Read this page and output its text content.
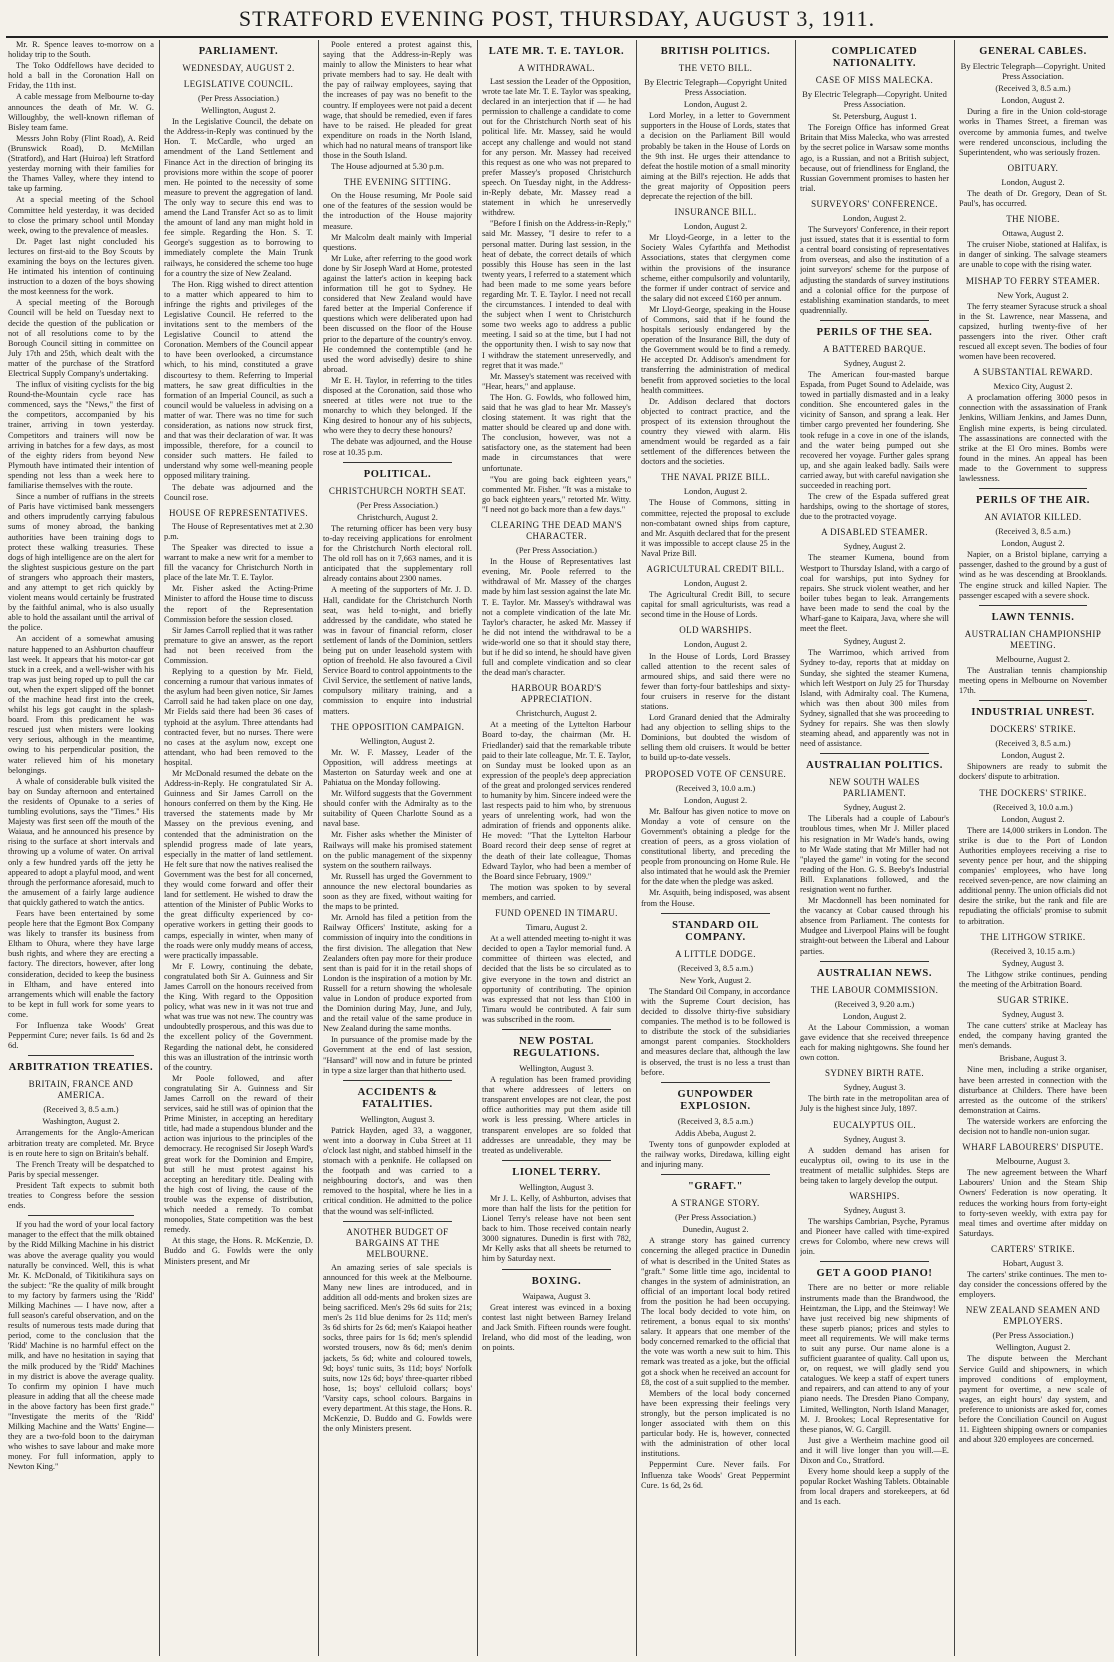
STRATFORD EVENING POST, THURSDAY, AUGUST 3, 1911.

Mr. R. Spence leaves to-morrow on a holiday trip to the South.

The Toko Oddfellows have decided to hold a ball in the Coronation Hall on Friday, the 11th inst.

A cable message from Melbourne to-day announces the death of Mr. W. G. Willoughby, the well-known rifleman of Bisley team fame.

Messrs John Roby (Flint Road), A. Reid (Brunswick Road), D. McMillan (Stratford), and Hart (Huiroa) left Stratford yesterday morning with their families for the Thames Valley, where they intend to take up farming.

At a special meeting of the School Committee held yesterday, it was decided to close the primary school until Monday week, owing to the prevalence of measles.

Dr. Paget last night concluded his lectures on first-aid to the Boy Scouts by examining the boys on the lectures given. He intimated his intention of continuing instruction to a dozen of the boys showing the most keenness for the work.

A special meeting of the Borough Council will be held on Tuesday next to decide the question of the publication or not of all resolutions come to by the Borough Council sitting in committee on July 17th and 25th, which dealt with the matter of the purchase of the Stratford Electrical Supply Company's undertaking.

The influx of visiting cyclists for the big Round-the-Mountain cycle race has commenced, says the "News," the first of the competitors, accompanied by his trainer, arriving in town yesterday. Competitors and trainers will now be arriving in batches for a few days, as most of the eighty riders from beyond New Plymouth have intimated their intention of spending not less than a week here to familiarise themselves with the route.

Since a number of ruffians in the streets of Paris have victimised bank messengers and others imprudently carrying fabulous sums of money abroad, the banking authorities have been training dogs to protect these walking treasuries. These dogs of high intelligence are on the alert for the slightest suspicious gesture on the part of strangers who approach their masters, and any attempt to get rich quickly by violent means would certainly be frustrated by the faithful animal, who is also usually able to hold the assailant until the arrival of the police.

An accident of a somewhat amusing nature happened to an Ashburton chauffeur last week. It appears that his motor-car got stuck in a creek, and a well-wisher with his trap was just being roped up to pull the car out, when the expert slipped off the bonnet of the machine head first into the creek, whilst his legs got caught in the splash-board. From this predicament he was rescued just when misters were looking very serious, although in the meantime, owing to his perpendicular position, the water relieved him of his monetary belongings.

A whale of considerable bulk visited the bay on Sunday afternoon and entertained the residents of Opunake to a series of tumbling evolutions, says the "Times." His Majesty was first seen off the mouth of the Waiaua, and he announced his presence by rising to the surface at short intervals and throwing up a volume of water. On arrival only a few hundred yards off the jetty he appeared to adopt a playful mood, and went through the performance aforesaid, much to the amusement of a fairly large audience that quickly gathered to watch the antics.

Fears have been entertained by some people here that the Egmont Box Company was likely to transfer its business from Eltham to Ohura, where they have large bush rights, and where they are erecting a factory. The directors, however, after long consideration, decided to keep the business in Eltham, and have entered into arrangements which will enable the factory to be kept in full work for some years to come.

For Influenza take Woods' Great Peppermint Cure; never fails. 1s 6d and 2s 6d.

ARBITRATION TREATIES.
BRITAIN, FRANCE AND AMERICA.
(Received 3, 8.5 a.m.)
Washington, August 2.

Arrangements for the Anglo-American arbitration treaty are completed. Mr. Bryce is en route here to sign on Britain's behalf.

The French Treaty will be despatched to Paris by special messenger.

President Taft expects to submit both treaties to Congress before the session ends.

If you had the word of your local factory manager to the effect that the milk obtained by the Ridd Milking Machine in his district was above the average quality you would naturally be convinced. Well, this is what Mr. K. McDonald, of Tikitikihura says on the subject: "Re the quality of milk brought to my factory by farmers using the 'Ridd' Milking Machines — I have now, after a full season's careful observation, and on the results of numerous tests made during that period, come to the conclusion that the 'Ridd' Machine is no harmful effect on the milk, and have no hesitation in saying that the milk produced by the 'Ridd' Machines in my district is above the average quality. To confirm my opinion I have much pleasure in adding that all the cheese made in the above factory has been first grade." "Investigate the merits of the 'Ridd' Milking Machine and the Watts' Engine—they are a two-fold boon to the dairyman who wishes to save labour and make more money. For full information, apply to Newton King."

PARLIAMENT.
WEDNESDAY, AUGUST 2.
LEGISLATIVE COUNCIL.
(Per Press Association.)
Wellington, August 2.

In the Legislative Council, the debate on the Address-in-Reply was continued by the Hon. T. McCardle, who urged an amendment of the Land Settlement and Finance Act in the direction of bringing its provisions more within the scope of poorer men. He pointed to the necessity of some measure to prevent the aggregation of land. The only way to secure this end was to amend the Land Transfer Act so as to limit the amount of land any man might hold in fee simple. Regarding the Hon. S. T. George's suggestion as to borrowing to immediately complete the Main Trunk railways, he considered the scheme too huge for a country the size of New Zealand.

The Hon. Rigg wished to direct attention to a matter which appeared to him to infringe the rights and privileges of the Legislative Council. He referred to the invitations sent to the members of the Legislative Council to attend the Coronation. Members of the Council appear to have been overlooked, a circumstance which, to his mind, constituted a grave discourtesy to them. Referring to Imperial matters, he saw great difficulties in the formation of an Imperial Council, as such a council would be valueless in advising on a matter of war. There was no time for such consideration, as nations now struck first, and that was their declaration of war. It was impossible, therefore, for a council to consider such matters. He failed to understand why some well-meaning people opposed military training.

The debate was adjourned and the Council rose.

HOUSE OF REPRESENTATIVES.

The House of Representatives met at 2.30 p.m.

The Speaker was directed to issue a warrant to make a new writ for a member to fill the vacancy for Christchurch North in place of the late Mr. T. E. Taylor.

Mr. Fisher asked the Acting-Prime Minister to afford the House time to discuss the report of the Representation Commission before the session closed.

Sir James Carroll replied that it was rather premature to give an answer, as the report had not been received from the Commission.

Replying to a question by Mr. Field, concerning a rumour that various inmates of the asylum had been given notice, Sir James Carroll said he had taken place on one day, Mr Fields said there had been 36 cases of typhoid at the asylum. Three attendants had contracted fever, but no nurses. There were no cases at the asylum now, except one attendant, who had been removed to the hospital.

Mr McDonald resumed the debate on the Address-in-Reply. He congratulated Sir A. Guinness and Sir James Carroll on the honours conferred on them by the King. He traversed the statements made by Mr Massey on the previous evening, and contended that the administration on the splendid progress made of late years, especially in the matter of land settlement. He felt sure that now the natives realised the Government was the best for all concerned, they would come forward and offer their land for settlement. He wished to draw the attention of the Minister of Public Works to the great difficulty experienced by co-operative workers in getting their goods to camps, especially in winter, when many of the roads were only muddy means of access, were practically impassable.

Mr F. Lowry, continuing the debate, congratulated both Sir A. Guinness and Sir James Carroll on the honours received from the King. With regard to the Opposition policy, what was new in it was not true and what was true was not new. The country was undoubtedly prosperous, and this was due to the excellent policy of the Government. Regarding the national debt, he considered this was an illustration of the intrinsic worth of the country.

Mr Poole followed, and after congratulating Sir A. Guinness and Sir James Carroll on the reward of their services, said he still was of opinion that the Prime Minister, in accepting an hereditary title, had made a stupendous blunder and the action was injurious to the principles of the democracy. He recognised Sir Joseph Ward's great work for the Dominion and Empire, but still he must protest against his accepting an hereditary title. Dealing with the high cost of living, the cause of the trouble was the expense of distribution, which needed a remedy. To combat monopolies, State competition was the best remedy.

At this stage, the Hons. R. McKenzie, D. Buddo and G. Fowlds were the only Ministers present, and Mr

Poole entered a protest against this, saying that the Address-in-Reply was mainly to allow the Ministers to hear what private members had to say. He dealt with the pay of railway employees, saying that the increases of pay was no benefit to the country. If employees were not paid a decent wage, that should be remedied, even if fares have to be raised. He pleaded for great expenditure on roads in the North Island, which had no natural means of transport like those in the South Island.

The House adjourned at 5.30 p.m.

THE EVENING SITTING.

On the House resuming, Mr Poole said one of the features of the session would be the introduction of the House majority measure.

Mr Malcolm dealt mainly with Imperial questions.

Mr Luke, after referring to the good work done by Sir Joseph Ward at Home, protested against the latter's action in keeping back information till he got to Sydney. He considered that New Zealand would have fared better at the Imperial Conference if questions which were deliberated upon had been discussed on the floor of the House prior to the departure of the country's envoy. He condemned the contemptible (and he used the word advisedly) desire to shine abroad.

Mr E. H. Taylor, in referring to the titles disposed at the Coronation, said those who sneered at titles were not true to the monarchy to which they belonged. If the King desired to honour any of his subjects, who were they to decry these honours?

The debate was adjourned, and the House rose at 10.35 p.m.

POLITICAL.
CHRISTCHURCH NORTH SEAT.
(Per Press Association.)
Christchurch, August 2.

The returning officer has been very busy to-day receiving applications for enrolment for the Christchurch North electoral roll. The old roll has on it 7,663 names, and it is anticipated that the supplementary roll already contains about 2300 names.

A meeting of the supporters of Mr. J. D. Hall, candidate for the Christchurch North seat, was held to-night, and briefly addressed by the candidate, who stated he was in favour of financial reform, closer settlement of lands of the Dominion, settlers being put on under leasehold system with option of freehold. He also favoured a Civil Service Board to control appointments to the Civil Service, the settlement of native lands, compulsory military training, and a commission to enquire into industrial matters.

THE OPPOSITION CAMPAIGN.
Wellington, August 2.

Mr. W. F. Massey, Leader of the Opposition, will address meetings at Masterton on Saturday week and one at Pahiatua on the Monday following.

Mr. Wilford suggests that the Government should confer with the Admiralty as to the suitability of Queen Charlotte Sound as a naval base.

Mr. Fisher asks whether the Minister of Railways will make his promised statement on the public management of the sixpenny system on the southern railways.

Mr. Russell has urged the Government to announce the new electoral boundaries as soon as they are fixed, without waiting for the maps to be printed.

Mr. Arnold has filed a petition from the Railway Officers' Institute, asking for a commission of inquiry into the conditions in the first division. The allegation that New Zealanders often pay more for their produce sent than is paid for it in the retail shops of London is the inspiration of a motion by Mr. Russell for a return showing the wholesale value in London of produce exported from the Dominion during May, June, and July, and the retail value of the same produce in New Zealand during the same months.

In pursuance of the promise made by the Government at the end of last session, "Hansard" will now and in future be printed in type a size larger than that hitherto used.

ACCIDENTS & FATALITIES.
Wellington, August 3.

Patrick Hayden, aged 33, a waggoner, went into a doorway in Cuba Street at 11 o'clock last night, and stabbed himself in the stomach with a penknife. He collapsed on the footpath and was carried to a neighbouring doctor's, and was then removed to the hospital, where he lies in a critical condition. He admitted to the police that the wound was self-inflicted.

ANOTHER BUDGET OF BARGAINS AT THE MELBOURNE.

An amazing series of sale specials is announced for this week at the Melbourne. Many new lines are introduced, and in addition all odd-ments and broken sizes are being sacrificed. Men's 29s 6d suits for 21s; men's 2s 11d blue denims for 2s 11d; men's 3s 6d shirts for 2s 6d; men's Kaiapoi heather socks, three pairs for 1s 6d; men's splendid worsted trousers, now 8s 6d; men's denim jackets, 5s 6d; white and coloured towels, 9d; boys' tunic suits, 3s 11d; boys' Norfolk suits, now 12s 6d; boys' three-quarter ribbed hose, 1s; boys' celluloid collars; boys' 'Varsity caps, school colours. Bargains in every department. At this stage, the Hons. R. McKenzie, D. Buddo and G. Fowlds were the only Ministers present.

LATE MR. T. E. TAYLOR.
A WITHDRAWAL.

Last session the Leader of the Opposition, wrote tae late Mr. T. E. Taylor was speaking, declared in an interjection that if — he had permission to challenge a candidate to come out for the Christchurch North seat of his political life. Mr. Massey, said he would accept any challenge and would not stand for any person. Mr. Massey had received this request as one who was not prepared to prefer Massey's proposed Christchurch speech. On Tuesday night, in the Address-in-Reply debate, Mr. Massey read a statement in which he unreservedly withdrew.

"Before I finish on the Address-in-Reply," said Mr. Massey, "I desire to refer to a personal matter. During last session, in the heat of debate, the correct details of which possibly this House has seen in the last twenty years, I referred to a statement which had been made to me some years before regarding Mr. T. E. Taylor. I need not recall the circumstances. I intended to deal with the subject when I went to Christchurch some two weeks ago to address a public meeting. I said so at the time, but I had not the opportunity then. I wish to say now that I withdraw the statement unreservedly, and regret that it was made."

Mr. Massey's statement was received with "Hear, hears," and applause.

The Hon. G. Fowlds, who followed him, said that he was glad to hear Mr. Massey's closing statement. It was right that the matter should be cleared up and done with. The conclusion, however, was not a satisfactory one, as the statement had been made in circumstances that were unfortunate.

"You are going back eighteen years," commented Mr. Fisher. "It was a mistake to go back eighteen years," retorted Mr. Witty. "I need not go back more than a few days."

CLEARING THE DEAD MAN'S CHARACTER.
(Per Press Association.)

In the House of Representatives last evening, Mr. Poole referred to the withdrawal of Mr. Massey of the charges made by him last session against the late Mr. T. E. Taylor. Mr. Massey's withdrawal was not a complete vindication of the late Mr. Taylor's character, he asked Mr. Massey if he did not intend the withdrawal to be a wide-world one so that it should stay there, but if he did so intend, he should have given full and complete vindication and so clear the dead man's character.

HARBOUR BOARD'S APPRECIATION.
Christchurch, August 2.

At a meeting of the Lyttelton Harbour Board to-day, the chairman (Mr. H. Friedlander) said that the remarkable tribute paid to their late colleague, Mr. T. E. Taylor, on Sunday must be looked upon as an expression of the people's deep appreciation of the great and prolonged services rendered to humanity by him. Sincere indeed were the last respects paid to him who, by strenuous years of unrelenting work, had won the admiration of friends and opponents alike. He moved: "That the Lyttelton Harbour Board record their deep sense of regret at the death of their late colleague, Thomas Edward Taylor, who had been a member of the Board since February, 1909."

The motion was spoken to by several members, and carried.

FUND OPENED IN TIMARU.
Timaru, August 2.

At a well attended meeting to-night it was decided to open a Taylor memorial fund. A committee of thirteen was elected, and decided that the lists be so circulated as to give everyone in the town and district an opportunity of contributing. The opinion was expressed that not less than £100 in Timaru would be contributed. A fair sum was subscribed in the room.

NEW POSTAL REGULATIONS.
Wellington, August 3.

A regulation has been framed providing that where addressees of letters on transparent envelopes are not clear, the post office authorities may put them aside till work is less pressing. Where articles in transparent envelopes are so folded that addresses are unreadable, they may be treated as undeliverable.

LIONEL TERRY.
Wellington, August 3.

Mr J. L. Kelly, of Ashburton, advises that more than half the lists for the petition for Lionel Terry's release have not been sent back to him. Those received contain nearly 3000 signatures. Dunedin is first with 782, Mr Kelly asks that all sheets be returned to him by Saturday next.

BOXING.
Waipawa, August 3.

Great interest was evinced in a boxing contest last night between Barney Ireland and Jack Smith. Fifteen rounds were fought. Ireland, who did most of the leading, won on points.

BRITISH POLITICS.
THE VETO BILL.
By Electric Telegraph—Copyright United Press Association.
London, August 2.

Lord Morley, in a letter to Government supporters in the House of Lords, states that a decision on the Parliament Bill would probably be taken in the House of Lords on the 9th inst. He urges their attendance to defeat the hostile motion of a small minority aiming at the Bill's rejection. He adds that the great majority of Opposition peers deprecate the rejection of the bill.

INSURANCE BILL.
London, August 2.

Mr Lloyd-George, in a letter to the Society Wales Cyfarthfa and Methodist Associations, states that clergymen come within the provisions of the insurance scheme, either compulsorily and voluntarily, the former if under contract of service and the salary did not exceed £160 per annum.

Mr Lloyd-George, speaking in the House of Commons, said that if he found the hospitals seriously endangered by the operation of the Insurance Bill, the duty of the Government would be to find a remedy. He accepted Dr. Addison's amendment for transferring the administration of medical benefit from approved societies to the local health committees.

Dr. Addison declared that doctors objected to contract practice, and the prospect of its extension throughout the country they viewed with alarm. His amendment would be regarded as a fair settlement of the differences between the doctors and the societies.

THE NAVAL PRIZE BILL.
London, August 2.

The House of Commons, sitting in committee, rejected the proposal to exclude non-combatant owned ships from capture, and Mr. Asquith declared that for the present it was impossible to accept clause 25 in the Naval Prize Bill.

AGRICULTURAL CREDIT BILL.
London, August 2.

The Agricultural Credit Bill, to secure capital for small agriculturists, was read a second time in the House of Lords.

OLD WARSHIPS.
London, August 2.

In the House of Lords, Lord Brassey called attention to the recent sales of armoured ships, and said there were no fewer than forty-four battleships and sixty-four cruisers in reserve for the distant stations.

Lord Granard denied that the Admiralty had any objection to selling ships to the Dominions, but doubted the wisdom of selling them old cruisers. It would be better to build up-to-date vessels.

PROPOSED VOTE OF CENSURE.
(Received 3, 10.0 a.m.)
London, August 2.

Mr. Balfour has given notice to move on Monday a vote of censure on the Government's obtaining a pledge for the creation of peers, as a gross violation of constitutional liberty, and preceding the people from pronouncing on Home Rule. He also intimated that he would ask the Premier for the date when the pledge was asked.

Mr. Asquith, being indisposed, was absent from the House.

STANDARD OIL COMPANY.
A LITTLE DODGE.
(Received 3, 8.5 a.m.)
New York, August 2.

The Standard Oil Company, in accordance with the Supreme Court decision, has decided to dissolve thirty-five subsidiary companies. The method is to be followed is to distribute the stock of the subsidiaries amongst parent companies. Stockholders and measures declare that, although the law is observed, the trust is no less a trust than before.

GUNPOWDER EXPLOSION.
(Received 3, 8.5 a.m.)
Addis Abeba, August 2.

Twenty tons of gunpowder exploded at the railway works, Diredawa, killing eight and injuring many.

"GRAFT."
A STRANGE STORY.
(Per Press Association.)
Dunedin, August 2.

A strange story has gained currency concerning the alleged practice in Dunedin of what is described in the United States as "graft." Some little time ago, incidental to changes in the system of administration, an official of an important local body retired from the position he had been occupying. The local body decided to vote him, on retirement, a bonus equal to six months' salary. It appears that one member of the body concerned remarked to the official that the vote was worth a new suit to him. This remark was treated as a joke, but the official got a shock when he received an account for £8, the cost of a suit supplied to the member.

Members of the local body concerned have been expressing their feelings very strongly, but the person implicated is no longer associated with them on this particular body. He is, however, connected with the administration of other local institutions.

Peppermint Cure. Never fails. For Influenza take Woods' Great Peppermint Cure. 1s 6d, 2s 6d.

COMPLICATED NATIONALITY.
CASE OF MISS MALECKA.
By Electric Telegraph—Copyright. United Press Association.
St. Petersburg, August 1.

The Foreign Office has informed Great Britain that Miss Malecka, who was arrested by the secret police in Warsaw some months ago, is a Russian, and not a British subject, because, out of friendliness for England, the Russian Government promises to hasten her trial.

SURVEYORS' CONFERENCE.
London, August 2.

The Surveyors' Conference, in their report just issued, states that it is essential to form a central board consisting of representatives from overseas, and also the institution of a joint surveyors' scheme for the purpose of adjusting the standards of survey institutions and a colonial office for the purpose of establishing examination standards, to meet quadrennially.

PERILS OF THE SEA.
A BATTERED BARQUE.
Sydney, August 2.

The American four-masted barque Espada, from Puget Sound to Adelaide, was towed in partially dismasted and in a leaky condition. She encountered gales in the vicinity of Sanson, and sprang a leak. Her timber cargo prevented her foundering. She took refuge in a cove in one of the islands, and the water being pumped out she recovered her voyage. Further gales sprang up, and she again leaked badly. Sails were carried away, but with careful navigation she succeeded in reaching port.

The crew of the Espada suffered great hardships, owing to the shortage of stores, due to the protracted voyage.

A DISABLED STEAMER.
Sydney, August 2.

The steamer Kumena, bound from Westport to Thursday Island, with a cargo of coal for warships, put into Sydney for repairs. She struck violent weather, and her boiler tubes began to leak. Arrangements have been made to send the coal by the Wharf-gane to Kaipara, Java, where she will meet the fleet.

Sydney, August 2.

The Warrimoo, which arrived from Sydney to-day, reports that at midday on Sunday, she sighted the steamer Kumena, which left Westport on July 25 for Thursday Island, with Admiralty coal. The Kumena, which was then about 300 miles from Sydney, signalled that she was proceeding to Sydney for repairs. She was then slowly steaming ahead, and apparently was not in need of assistance.

AUSTRALIAN POLITICS.
NEW SOUTH WALES PARLIAMENT.
Sydney, August 2.

The Liberals had a couple of Labour's troublous times, when Mr J. Miller placed his resignation in Mr Wade's hands, owing to Mr Wade stating that Mr Miller had not "played the game" in voting for the second reading of the Hon. G. S. Beeby's Industrial Bill. Explanations followed, and the resignation went no further.

Mr Macdonnell has been nominated for the vacancy at Cobar caused through his absence from Parliament. The contests for Mudgee and Liverpool Plains will be fought straight-out between the Liberal and Labour parties.

AUSTRALIAN NEWS.
THE LABOUR COMMISSION.
(Received 3, 9.20 a.m.)
London, August 2.

At the Labour Commission, a woman gave evidence that she received threepence each for making nightgowns. She found her own cotton.

SYDNEY BIRTH RATE.
Sydney, August 3.

The birth rate in the metropolitan area of July is the highest since July, 1897.

EUCALYPTUS OIL.
Sydney, August 3.

A sudden demand has arisen for eucalyptus oil, owing to its use in the treatment of metallic sulphides. Steps are being taken to largely develop the output.

WARSHIPS.
Sydney, August 3.

The warships Cambrian, Psyche, Pyramus and Pioneer have called with time-expired crews for Colombo, where new crews will join.

GET A GOOD PIANO!

There are no better or more reliable instruments made than the Brandwood, the Heintzman, the Lipp, and the Steinway! We have just received big new shipments of these superb pianos; prices and styles to meet all requirements. We will make terms to suit any purse. Our name alone is a sufficient guarantee of quality. Call upon us, or, on request, we will gladly send you catalogues. We keep a staff of expert tuners and repairers, and can attend to any of your piano needs. The Dresden Piano Company, Limited, Wellington, North Island Manager, M. J. Brookes; Local Representative for these pianos, W. G. Cargill.

Just give a Wertheim machine good oil and it will live longer than you will.—E. Dixon and Co., Stratford.

Every home should keep a supply of the popular Rocket Washing Tablets. Obtainable from local drapers and storekeepers, at 6d and 1s each.

GENERAL CABLES.
By Electric Telegraph—Copyright. United Press Association.
(Received 3, 8.5 a.m.)
London, August 2.

During a fire in the Union cold-storage works in Thames Street, a fireman was overcome by ammonia fumes, and twelve were rendered unconscious, including the Superintendent, who was seriously frozen.

OBITUARY.
London, August 2.

The death of Dr. Gregory, Dean of St. Paul's, has occurred.

THE NIOBE.
Ottawa, August 2.

The cruiser Niobe, stationed at Halifax, is in danger of sinking. The salvage steamers are unable to cope with the rising water.

MISHAP TO FERRY STEAMER.
New York, August 2.

The ferry steamer Syracuse struck a shoal in the St. Lawrence, near Massena, and capsized, hurling twenty-five of her passengers into the river. Other craft rescued all except seven. The bodies of four women have been recovered.

A SUBSTANTIAL REWARD.
Mexico City, August 2.

A proclamation offering 3000 pesos in connection with the assassination of Frank Jenkins, William Jenkins, and James Dunn, English mine experts, is being circulated. The assassinations are connected with the strike at the El Oro mines. Bombs were found in the mines. An appeal has been made to the Government to suppress lawlessness.

PERILS OF THE AIR.
AN AVIATOR KILLED.
(Received 3, 8.5 a.m.)
London, August 2.

Napier, on a Bristol biplane, carrying a passenger, dashed to the ground by a gust of wind as he was descending at Brooklands. The engine struck and killed Napier. The passenger escaped with a severe shock.

LAWN TENNIS.
AUSTRALIAN CHAMPIONSHIP MEETING.
Melbourne, August 2.

The Australian tennis championship meeting opens in Melbourne on November 17th.

INDUSTRIAL UNREST.
DOCKERS' STRIKE.
(Received 3, 8.5 a.m.)
London, August 2.

Shipowners are ready to submit the dockers' dispute to arbitration.

THE DOCKERS' STRIKE.
(Received 3, 10.0 a.m.)
London, August 2.

There are 14,000 strikers in London. The strike is due to the Port of London Authorities employees receiving a rise to seventy pence per hour, and the shipping companies' employees, who have long received seven-pence, are now claiming an additional penny. The union officials did not desire the strike, but the rank and file are repudiating the officials' promise to submit to arbitration.

THE LITHGOW STRIKE.
(Received 3, 10.15 a.m.)
Sydney, August 3.

The Lithgow strike continues, pending the meeting of the Arbitration Board.

SUGAR STRIKE.
Sydney, August 3.

The cane cutters' strike at Macleay has ended, the company having granted the men's demands.

Brisbane, August 3.

Nine men, including a strike organiser, have been arrested in connection with the disturbance at Childers. There have been arrested as the outcome of the strikers' demonstration at Cairns.

The waterside workers are enforcing the decision not to handle non-union sugar.

WHARF LABOURERS' DISPUTE.
Melbourne, August 3.

The new agreement between the Wharf Labourers' Union and the Steam Ship Owners' Federation is now operating. It reduces the working hours from forty-eight to forty-seven weekly, with extra pay for meal times and overtime after midday on Saturdays.

CARTERS' STRIKE.
Hobart, August 3.

The carters' strike continues. The men to-day consider the concessions offered by the employers.

NEW ZEALAND SEAMEN AND EMPLOYERS.
(Per Press Association.)
Wellington, August 2.

The dispute between the Merchant Service Guild and shipowners, in which improved conditions of employment, payment for overtime, a new scale of wages, an eight hours' day system, and preference to unionists are asked for, comes before the Conciliation Council on August 11. Eighteen shipping owners or companies and about 320 employees are concerned.
